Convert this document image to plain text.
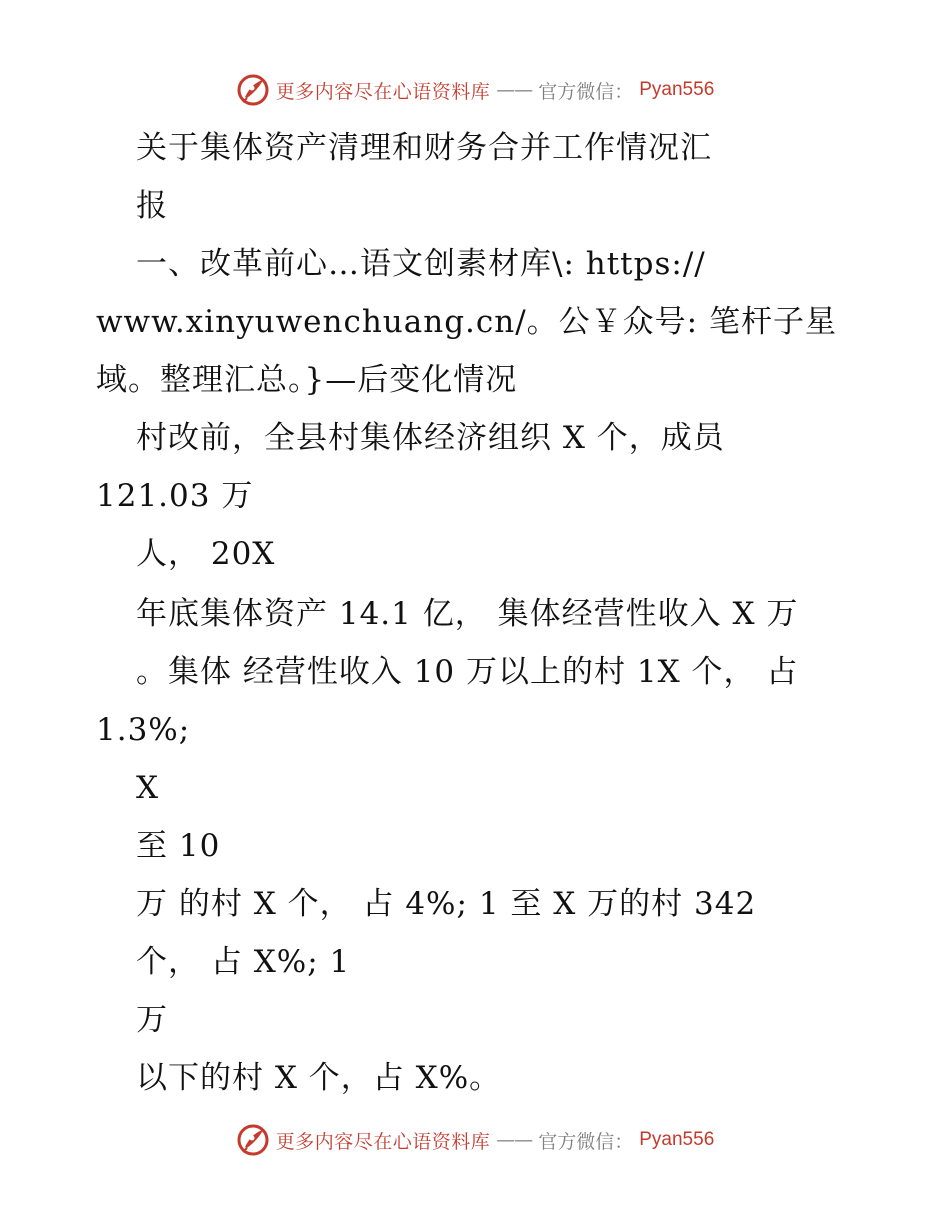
更多内容尽在心语资料库 —— 官方微信： Pyan556
关于集体资产清理和财务合并工作情况汇
报
一、改革前心…语文创素材库\: https://
www.xinyuwenchuang.cn/。公￥众号: 笔杆子星
域。整理汇总。}—后变化情况
村改前，全县村集体经济组织 X 个，成员
121.03 万
人， 20X
年底集体资产 14.1 亿， 集体经营性收入 X 万
。集体 经营性收入 10 万以上的村 1X 个， 占
1.3%;
X
至 10
万 的村 X 个， 占 4%; 1 至 X 万的村 342
个， 占 X%; 1
万
以下的村 X 个，占 X%。
更多内容尽在心语资料库 —— 官方微信： Pyan556
